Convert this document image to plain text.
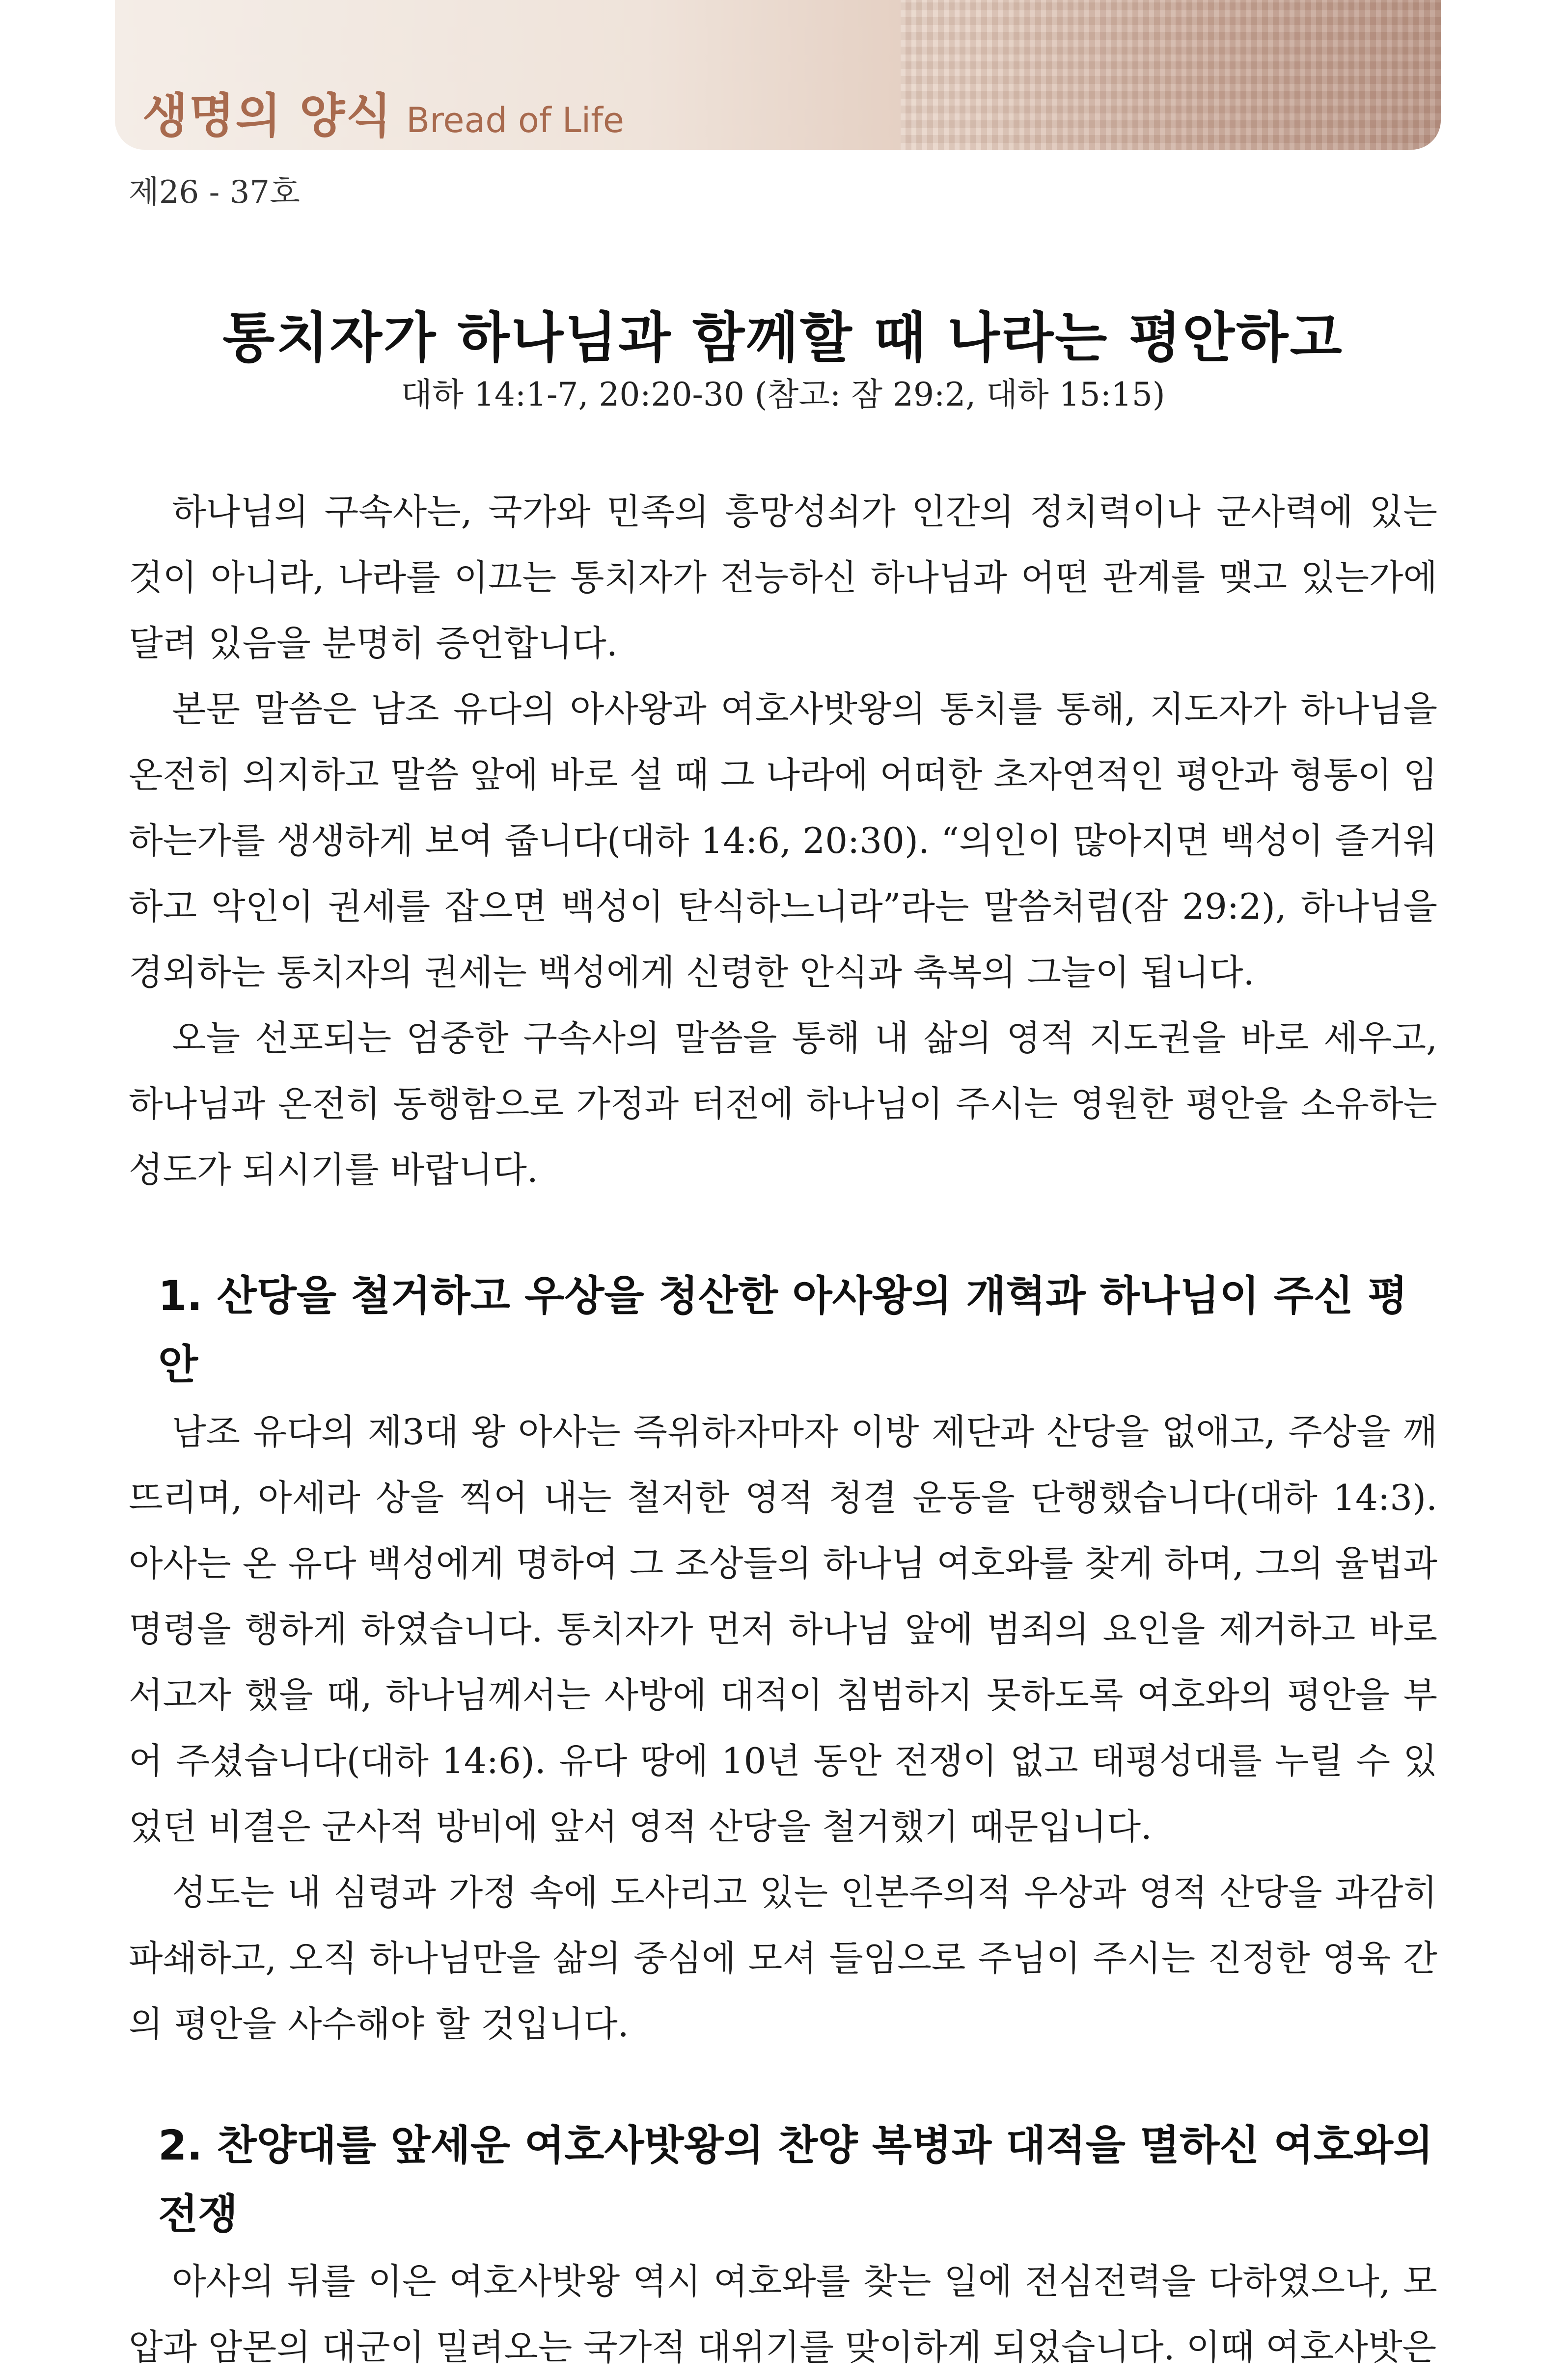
생명의 양식 Bread of Life
제26 - 37호
통치자가 하나님과 함께할 때 나라는 평안하고
대하 14:1-7, 20:20-30 (참고: 잠 29:2, 대하 15:15)

하나님의 구속사는, 국가와 민족의 흥망성쇠가 인간의 정치력이나 군사력에 있는 것이 아니라, 나라를 이끄는 통치자가 전능하신 하나님과 어떤 관계를 맺고 있는가에 달려 있음을 분명히 증언합니다.

본문 말씀은 남조 유다의 아사왕과 여호사밧왕의 통치를 통해, 지도자가 하나님을 온전히 의지하고 말씀 앞에 바로 설 때 그 나라에 어떠한 초자연적인 평안과 형통이 임하는가를 생생하게 보여 줍니다(대하 14:6, 20:30). “의인이 많아지면 백성이 즐거워하고 악인이 권세를 잡으면 백성이 탄식하느니라”라는 말씀처럼(잠 29:2), 하나님을 경외하는 통치자의 권세는 백성에게 신령한 안식과 축복의 그늘이 됩니다.

오늘 선포되는 엄중한 구속사의 말씀을 통해 내 삶의 영적 지도권을 바로 세우고, 하나님과 온전히 동행함으로 가정과 터전에 하나님이 주시는 영원한 평안을 소유하는 성도가 되시기를 바랍니다.

1. 산당을 철거하고 우상을 청산한 아사왕의 개혁과 하나님이 주신 평안

남조 유다의 제3대 왕 아사는 즉위하자마자 이방 제단과 산당을 없애고, 주상을 깨뜨리며, 아세라 상을 찍어 내는 철저한 영적 청결 운동을 단행했습니다(대하 14:3). 아사는 온 유다 백성에게 명하여 그 조상들의 하나님 여호와를 찾게 하며, 그의 율법과 명령을 행하게 하였습니다. 통치자가 먼저 하나님 앞에 범죄의 요인을 제거하고 바로 서고자 했을 때, 하나님께서는 사방에 대적이 침범하지 못하도록 여호와의 평안을 부어 주셨습니다(대하 14:6). 유다 땅에 10년 동안 전쟁이 없고 태평성대를 누릴 수 있었던 비결은 군사적 방비에 앞서 영적 산당을 철거했기 때문입니다.

성도는 내 심령과 가정 속에 도사리고 있는 인본주의적 우상과 영적 산당을 과감히 파쇄하고, 오직 하나님만을 삶의 중심에 모셔 들임으로 주님이 주시는 진정한 영육 간의 평안을 사수해야 할 것입니다.

2. 찬양대를 앞세운 여호사밧왕의 찬양 복병과 대적을 멸하신 여호와의 전쟁

아사의 뒤를 이은 여호사밧왕 역시 여호와를 찾는 일에 전심전력을 다하였으나, 모압과 암몬의 대군이 밀려오는 국가적 대위기를 맞이하게 되었습니다. 이때 여호사밧은
